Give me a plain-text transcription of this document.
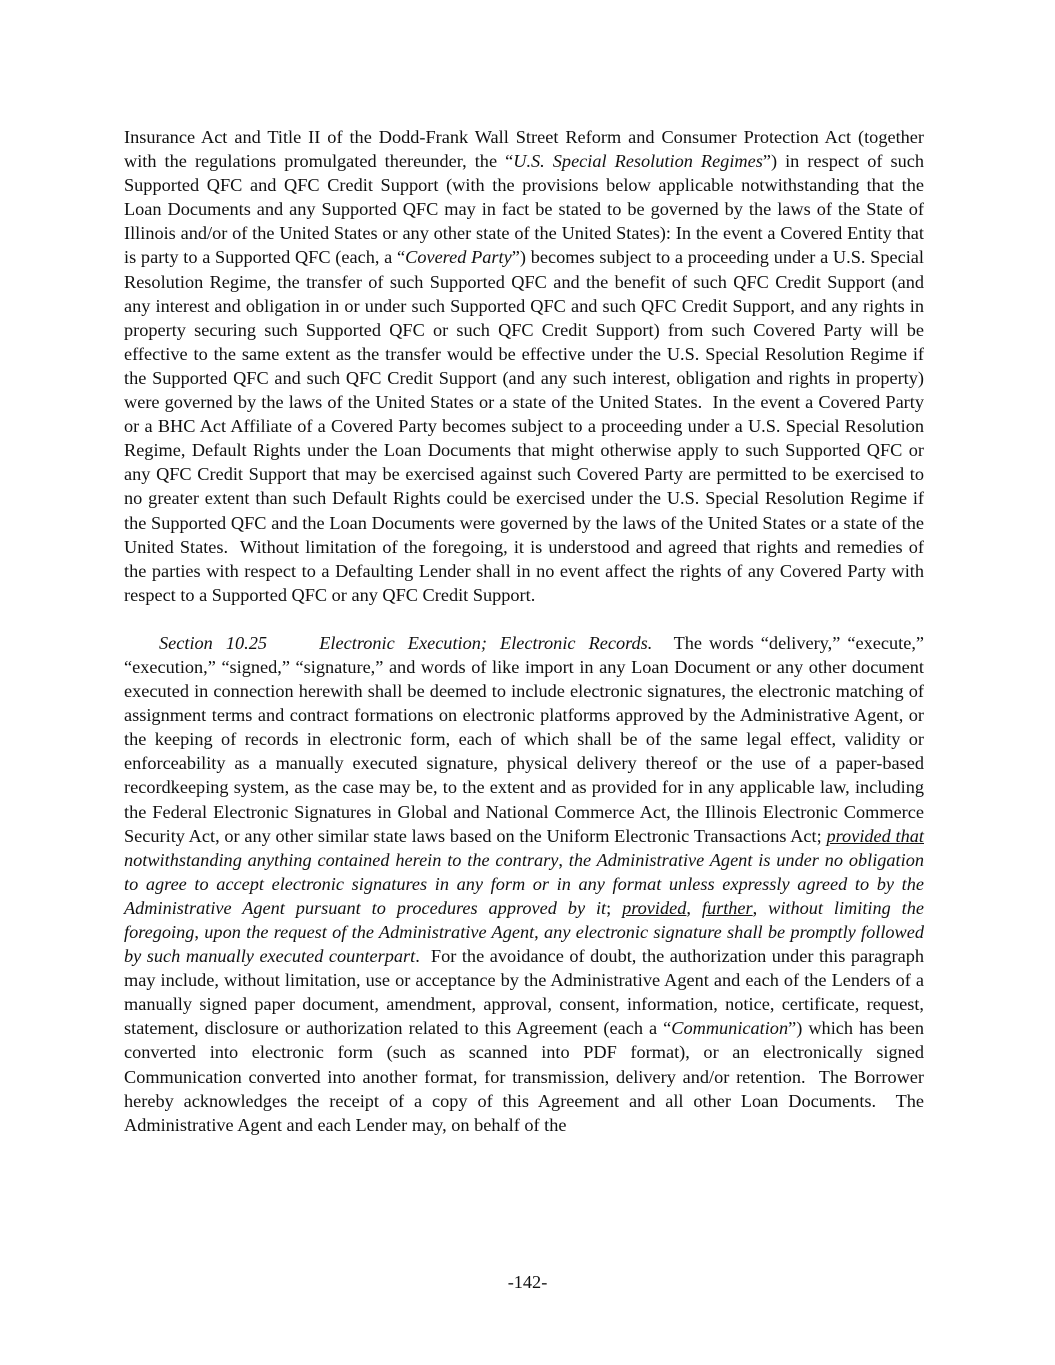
Insurance Act and Title II of the Dodd-Frank Wall Street Reform and Consumer Protection Act (together with the regulations promulgated thereunder, the “U.S. Special Resolution Regimes”) in respect of such Supported QFC and QFC Credit Support (with the provisions below applicable notwithstanding that the Loan Documents and any Supported QFC may in fact be stated to be governed by the laws of the State of Illinois and/or of the United States or any other state of the United States): In the event a Covered Entity that is party to a Supported QFC (each, a “Covered Party”) becomes subject to a proceeding under a U.S. Special Resolution Regime, the transfer of such Supported QFC and the benefit of such QFC Credit Support (and any interest and obligation in or under such Supported QFC and such QFC Credit Support, and any rights in property securing such Supported QFC or such QFC Credit Support) from such Covered Party will be effective to the same extent as the transfer would be effective under the U.S. Special Resolution Regime if the Supported QFC and such QFC Credit Support (and any such interest, obligation and rights in property) were governed by the laws of the United States or a state of the United States.  In the event a Covered Party or a BHC Act Affiliate of a Covered Party becomes subject to a proceeding under a U.S. Special Resolution Regime, Default Rights under the Loan Documents that might otherwise apply to such Supported QFC or any QFC Credit Support that may be exercised against such Covered Party are permitted to be exercised to no greater extent than such Default Rights could be exercised under the U.S. Special Resolution Regime if the Supported QFC and the Loan Documents were governed by the laws of the United States or a state of the United States.  Without limitation of the foregoing, it is understood and agreed that rights and remedies of the parties with respect to a Defaulting Lender shall in no event affect the rights of any Covered Party with respect to a Supported QFC or any QFC Credit Support.

Section 10.25    Electronic Execution; Electronic Records.   The words “delivery,” “execute,” “execution,” “signed,” “signature,” and words of like import in any Loan Document or any other document executed in connection herewith shall be deemed to include electronic signatures, the electronic matching of assignment terms and contract formations on electronic platforms approved by the Administrative Agent, or the keeping of records in electronic form, each of which shall be of the same legal effect, validity or enforceability as a manually executed signature, physical delivery thereof or the use of a paper-based recordkeeping system, as the case may be, to the extent and as provided for in any applicable law, including the Federal Electronic Signatures in Global and National Commerce Act, the Illinois Electronic Commerce Security Act, or any other similar state laws based on the Uniform Electronic Transactions Act; provided that notwithstanding anything contained herein to the contrary, the Administrative Agent is under no obligation to agree to accept electronic signatures in any form or in any format unless expressly agreed to by the Administrative Agent pursuant to procedures approved by it; provided, further, without limiting the foregoing, upon the request of the Administrative Agent, any electronic signature shall be promptly followed by such manually executed counterpart.  For the avoidance of doubt, the authorization under this paragraph may include, without limitation, use or acceptance by the Administrative Agent and each of the Lenders of a manually signed paper document, amendment, approval, consent, information, notice, certificate, request, statement, disclosure or authorization related to this Agreement (each a “Communication”) which has been converted into electronic form (such as scanned into PDF format), or an electronically signed Communication converted into another format, for transmission, delivery and/or retention.  The Borrower hereby acknowledges the receipt of a copy of this Agreement and all other Loan Documents.  The Administrative Agent and each Lender may, on behalf of the

-142-
